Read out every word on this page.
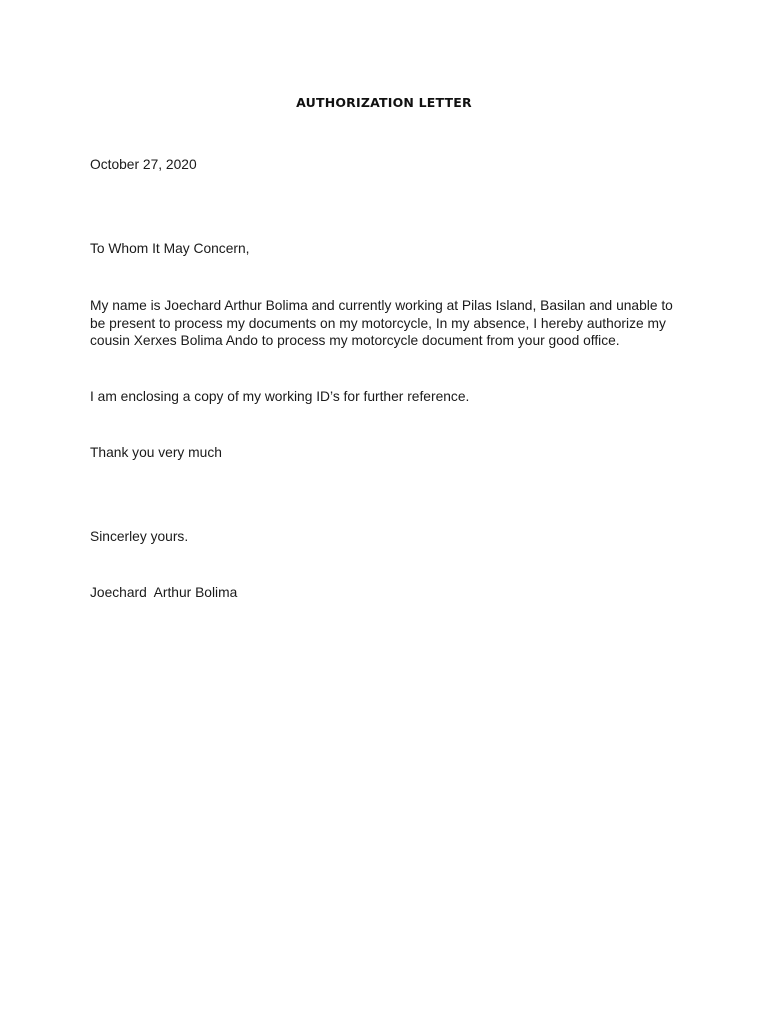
AUTHORIZATION LETTER
October 27, 2020
To Whom It May Concern,
My name is Joechard Arthur Bolima and currently working at Pilas Island, Basilan and unable to
be present to process my documents on my motorcycle, In my absence, I hereby authorize my
cousin Xerxes Bolima Ando to process my motorcycle document from your good office.
I am enclosing a copy of my working ID’s for further reference.
Thank you very much
Sincerley yours.
Joechard  Arthur Bolima
